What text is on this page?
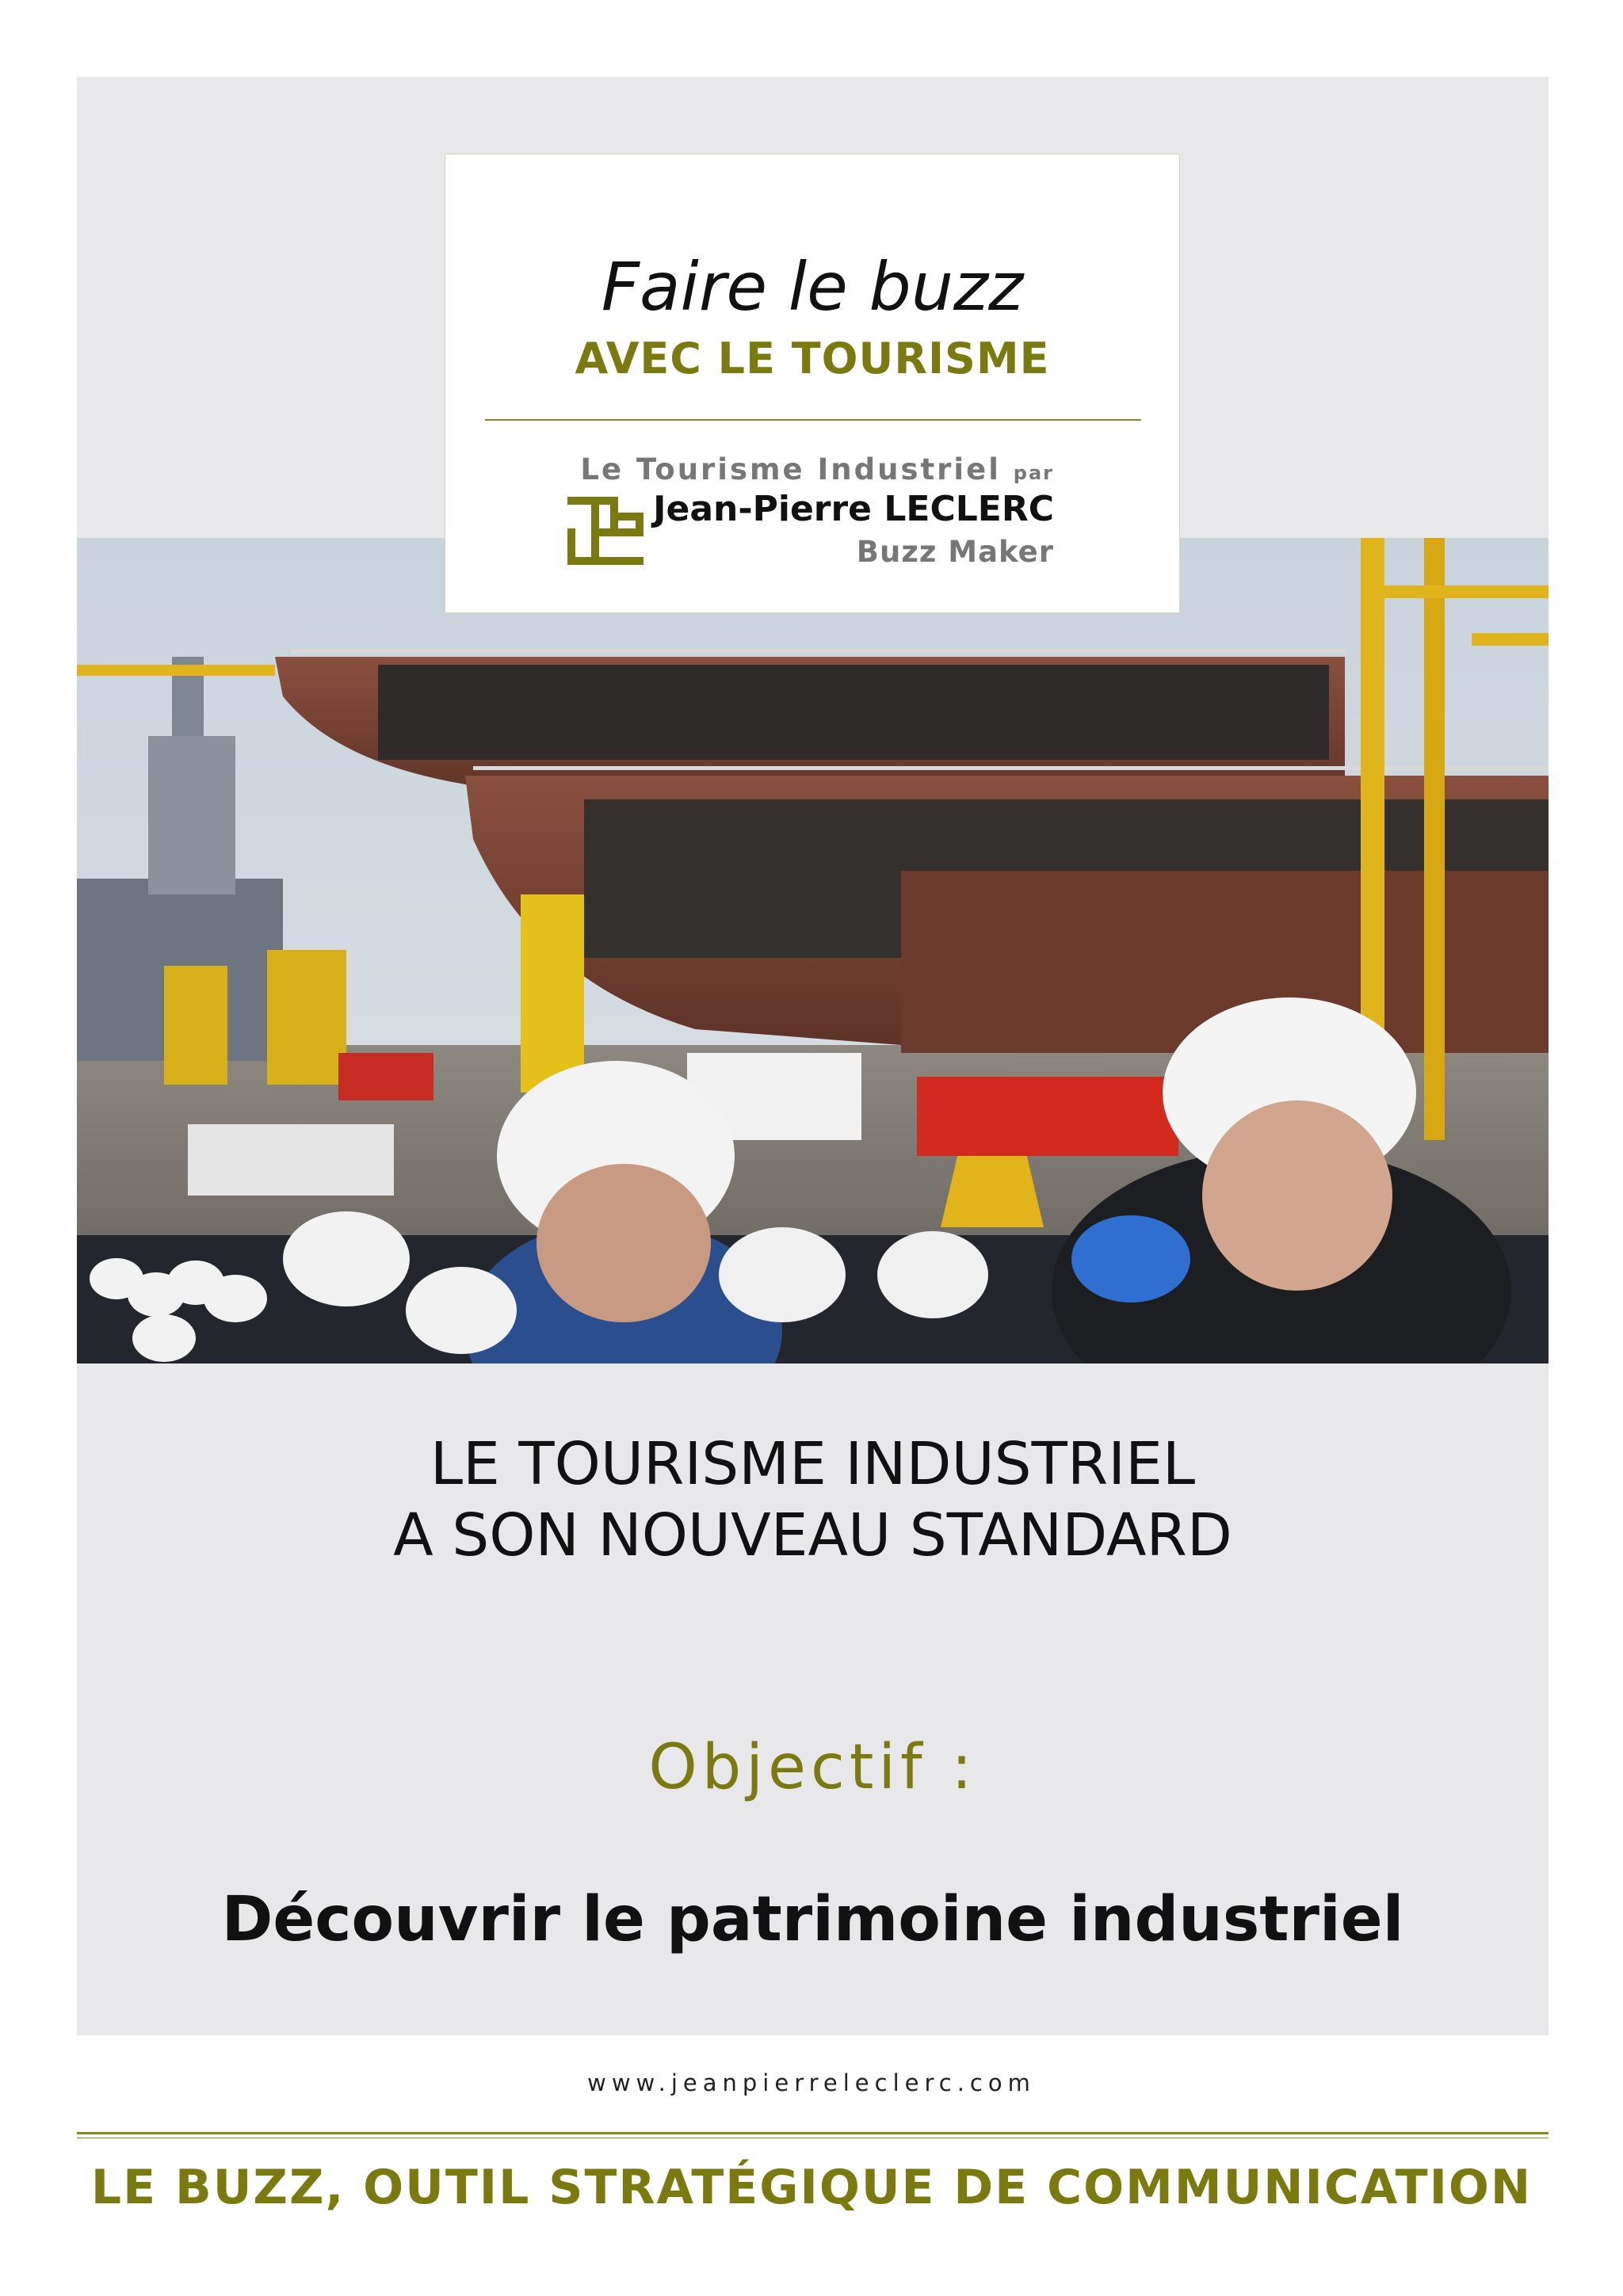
Faire le buzz
AVEC LE TOURISME
Le Tourisme Industriel par
Jean-Pierre LECLERC
Buzz Maker
LE TOURISME INDUSTRIEL
A SON NOUVEAU STANDARD
Objectif :
Découvrir le patrimoine industriel
www.jeanpierreleclerc.com
LE BUZZ, OUTIL STRATÉGIQUE DE COMMUNICATION
